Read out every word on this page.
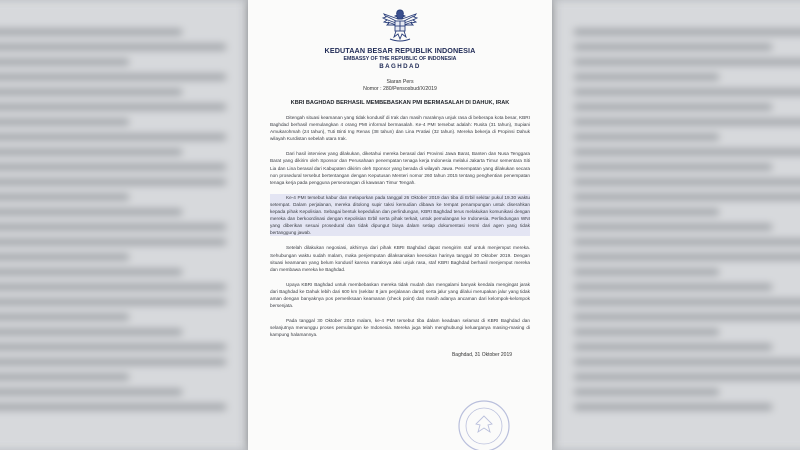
KEDUTAAN BESAR REPUBLIK INDONESIA
EMBASSY OF THE REPUBLIC OF INDONESIA
BAGHDAD
Siaran Pers
Nomor : 280/Pensosbud/X/2019
KBRI BAGHDAD BERHASIL MEMBEBASKAN PMI BERMASALAH DI DAHUK, IRAK

Ditengah situasi keamanan yang tidak kondusif di Irak dan masih maraknya unjuk rasa di beberapa kota besar, KBRI Baghdad berhasil memulangkan 4 orang PMI informal bermasalah. Ke-4 PMI tersebut adalah: Rusita (31 tahun), Supiani Amukarohmah (24 tahun), Tuti Binti Ing Renas (38 tahun) dan Lina Pratiwi (32 tahun). Mereka bekerja di Propinsi Dahuk wilayah Kurdistan sebelah utara Irak.

Dari hasil interview yang dilakukan, diketahui mereka berasal dari Provinsi Jawa Barat, Banten dan Nusa Tenggara Barat yang dikirim oleh Sponsor dan Perusahaan penempatan tenaga kerja Indonesia melalui Jakarta Timur sementara Siti Lia dan Lina berasal dari Kabupaten dikirim oleh Sponsor yang berada di wilayah Jawa. Penempatan yang dilakukan secara non prosedural tersebut bertentangan dengan Keputusan Menteri nomor 260 tahun 2015 tentang penghentian penempatan tenaga kerja pada pengguna perseorangan di kawasan Timur Tengah.

Ke-4 PMI tersebut kabur dan melaporkan pada tanggal 26 Oktober 2019 dan tiba di Erbil sekitar pukul 19.30 waktu setempat. Dalam perjalanan, mereka ditolong supir taksi kemudian dibawa ke tempat penampungan untuk diserahkan kepada pihak Kepolisian. Sebagai bentuk kepedulian dan perlindungan, KBRI Baghdad terus melakukan komunikasi dengan mereka dan berkoordinasi dengan Kepolisian Erbil serta pihak terkait, untuk pemulangan ke Indonesia. Perlindungan WNI yang diberikan sesuai prosedural dan tidak dipungut biaya dalam setiap dokumentasi resmi dari agen yang tidak bertanggung jawab.

Setelah dilakukan negosiasi, akhirnya dari pihak KBRI Baghdad dapat mengirim staf untuk menjemput mereka. Sehubungan waktu sudah malam, maka penjemputan dilaksanakan keesokan harinya tanggal 30 Oktober 2019. Dengan situasi keamanan yang belum kondusif karena maraknya aksi unjuk rasa, staf KBRI Baghdad berhasil menjemput mereka dan membawa mereka ke Baghdad.

Upaya KBRI Baghdad untuk membebaskan mereka tidak mudah dan mengalami banyak kendala mengingat jarak dari Baghdad ke Dahuk lebih dari 600 km (sekitar 8 jam perjalanan darat) serta jalur yang dilalui merupakan jalur yang tidak aman dengan banyaknya pos pemeriksaan keamanan (check point) dan masih adanya ancaman dari kelompok-kelompok bersenjata.

Pada tanggal 30 Oktober 2019 malam, ke-4 PMI tersebut tiba dalam keadaan selamat di KBRI Baghdad dan selanjutnya menunggu proses pemulangan ke Indonesia. Mereka juga telah menghubungi keluarganya masing-masing di kampung halamannya.

Baghdad, 31 Oktober 2019
